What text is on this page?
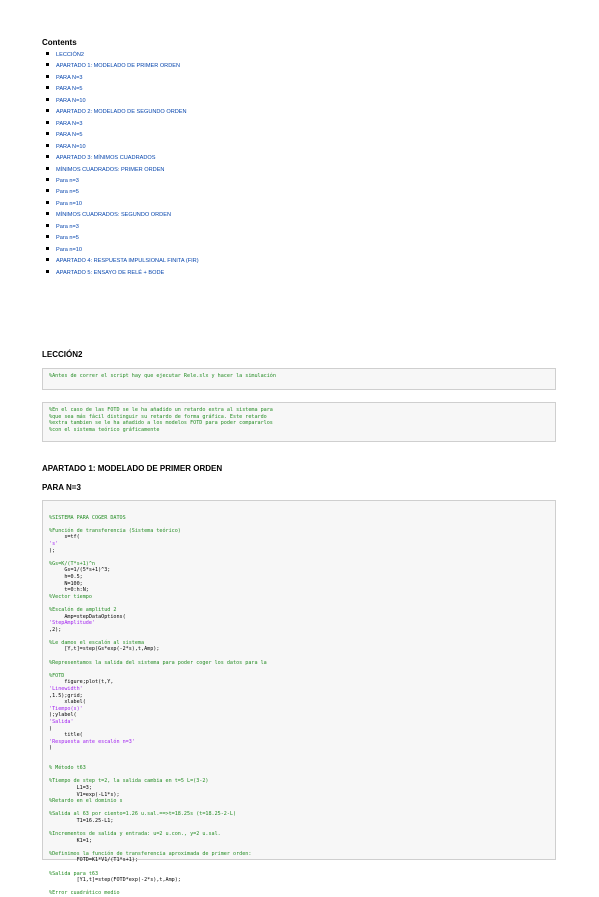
Contents
LECCIÓN2
APARTADO 1: MODELADO DE PRIMER ORDEN
PARA N=3
PARA N=5
PARA N=10
APARTADO 2: MODELADO DE SEGUNDO ORDEN
PARA N=3
PARA N=5
PARA N=10
APARTADO 3: MÍNIMOS CUADRADOS
MÍNIMOS CUADRADOS: PRIMER ORDEN
Para n=3
Para n=5
Para n=10
MÍNIMOS CUADRADOS: SEGUNDO ORDEN
Para n=3
Para n=5
Para n=10
APARTADO 4: RESPUESTA IMPULSIONAL FINITA (FIR)
APARTADO 5: ENSAYO DE RELÉ + BODE
LECCIÓN2
%Antes de correr el script hay que ejecutar Rele.slx y hacer la simulación
%En el caso de las FOTD se le ha añadido un retardo extra al sistema para
%que sea más fácil distinguir su retardo de forma gráfica. Este retardo
%extra tambien se le ha añadido a los modelos FOTD para poder compararlos
%con el sistema teórico gráficamente
APARTADO 1: MODELADO DE PRIMER ORDEN
PARA N=3

%SISTEMA PARA COGER DATOS

%Función de transferencia (Sistema teórico)
s=tf(
's'
);

%Gs=K/(T*s+1)^n
Gs=1/(5*s+1)^3;
h=0.5;
N=100;
t=0:h:N;
%Vector tiempo

%Escalón de amplitud 2
Amp=stepDataOptions(
'StepAmplitude'
,2);

%Le damos el escalón al sistema
[Y,t]=step(Gs*exp(-2*s),t,Amp);

%Representamos la salida del sistema para poder coger los datos para la

%FOTD
figure;plot(t,Y,
'Linewidth'
,1.5);grid;
xlabel(
'Tiempo(s)'
);ylabel(
'Salida'
)
title(
'Respuesta ante escalón n=3'
)

% Método t63

%Tiempo de step t=2, la salida cambia en t=5 L=(3-2)
L1=3;
V1=exp(-L1*s);
%Retardo en el dominio s

%Salida al 63 por ciento=1.26 u.sal.==>t=18.25s (t=18.25-2-L)
T1=16.25-L1;

%Incrementos de salida y entrada: u=2 u.con., y=2 u.sal.
K1=1;

%Definimos la función de transferencia aproximada de primer orden:
FOTD=K1*V1/(T1*s+1);

%Salida para t63
[Y1,t]=step(FOTD*exp(-2*s),t,Amp);

%Error cuadrático medio
